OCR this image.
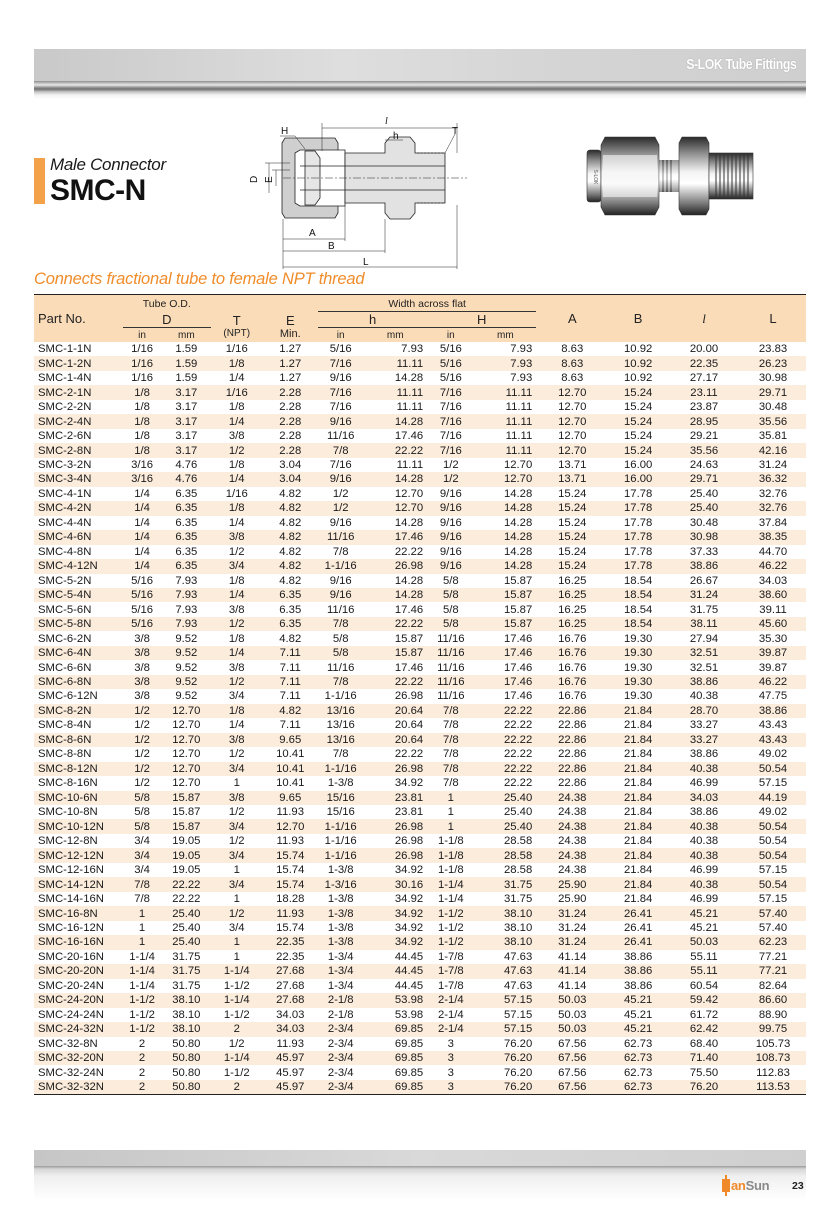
S-LOK Tube Fittings
Male Connector
SMC-N
H
l
h	T
D E
A
B
L
S-LOK
Connects fractional tube to female NPT thread
Part No.	Tube O.D.		T	E	Width across flat				A	B	l	L
	D				h		H					
	in	mm	(NPT)	Min.	in	mm	in	mm				
SMC-1-1N	1/16	1.59	1/16	1.27	5/16	7.93	5/16	7.93	8.63	10.92	20.00	23.83
SMC-1-2N	1/16	1.59	1/8	1.27	7/16	11.11	5/16	7.93	8.63	10.92	22.35	26.23
SMC-1-4N	1/16	1.59	1/4	1.27	9/16	14.28	5/16	7.93	8.63	10.92	27.17	30.98
SMC-2-1N	1/8	3.17	1/16	2.28	7/16	11.11	7/16	11.11	12.70	15.24	23.11	29.71
SMC-2-2N	1/8	3.17	1/8	2.28	7/16	11.11	7/16	11.11	12.70	15.24	23.87	30.48
SMC-2-4N	1/8	3.17	1/4	2.28	9/16	14.28	7/16	11.11	12.70	15.24	28.95	35.56
SMC-2-6N	1/8	3.17	3/8	2.28	11/16	17.46	7/16	11.11	12.70	15.24	29.21	35.81
SMC-2-8N	1/8	3.17	1/2	2.28	7/8	22.22	7/16	11.11	12.70	15.24	35.56	42.16
SMC-3-2N	3/16	4.76	1/8	3.04	7/16	11.11	1/2	12.70	13.71	16.00	24.63	31.24
SMC-3-4N	3/16	4.76	1/4	3.04	9/16	14.28	1/2	12.70	13.71	16.00	29.71	36.32
SMC-4-1N	1/4	6.35	1/16	4.82	1/2	12.70	9/16	14.28	15.24	17.78	25.40	32.76
SMC-4-2N	1/4	6.35	1/8	4.82	1/2	12.70	9/16	14.28	15.24	17.78	25.40	32.76
SMC-4-4N	1/4	6.35	1/4	4.82	9/16	14.28	9/16	14.28	15.24	17.78	30.48	37.84
SMC-4-6N	1/4	6.35	3/8	4.82	11/16	17.46	9/16	14.28	15.24	17.78	30.98	38.35
SMC-4-8N	1/4	6.35	1/2	4.82	7/8	22.22	9/16	14.28	15.24	17.78	37.33	44.70
SMC-4-12N	1/4	6.35	3/4	4.82	1-1/16	26.98	9/16	14.28	15.24	17.78	38.86	46.22
SMC-5-2N	5/16	7.93	1/8	4.82	9/16	14.28	5/8	15.87	16.25	18.54	26.67	34.03
SMC-5-4N	5/16	7.93	1/4	6.35	9/16	14.28	5/8	15.87	16.25	18.54	31.24	38.60
SMC-5-6N	5/16	7.93	3/8	6.35	11/16	17.46	5/8	15.87	16.25	18.54	31.75	39.11
SMC-5-8N	5/16	7.93	1/2	6.35	7/8	22.22	5/8	15.87	16.25	18.54	38.11	45.60
SMC-6-2N	3/8	9.52	1/8	4.82	5/8	15.87	11/16	17.46	16.76	19.30	27.94	35.30
SMC-6-4N	3/8	9.52	1/4	7.11	5/8	15.87	11/16	17.46	16.76	19.30	32.51	39.87
SMC-6-6N	3/8	9.52	3/8	7.11	11/16	17.46	11/16	17.46	16.76	19.30	32.51	39.87
SMC-6-8N	3/8	9.52	1/2	7.11	7/8	22.22	11/16	17.46	16.76	19.30	38.86	46.22
SMC-6-12N	3/8	9.52	3/4	7.11	1-1/16	26.98	11/16	17.46	16.76	19.30	40.38	47.75
SMC-8-2N	1/2	12.70	1/8	4.82	13/16	20.64	7/8	22.22	22.86	21.84	28.70	38.86
SMC-8-4N	1/2	12.70	1/4	7.11	13/16	20.64	7/8	22.22	22.86	21.84	33.27	43.43
SMC-8-6N	1/2	12.70	3/8	9.65	13/16	20.64	7/8	22.22	22.86	21.84	33.27	43.43
SMC-8-8N	1/2	12.70	1/2	10.41	7/8	22.22	7/8	22.22	22.86	21.84	38.86	49.02
SMC-8-12N	1/2	12.70	3/4	10.41	1-1/16	26.98	7/8	22.22	22.86	21.84	40.38	50.54
SMC-8-16N	1/2	12.70	1	10.41	1-3/8	34.92	7/8	22.22	22.86	21.84	46.99	57.15
SMC-10-6N	5/8	15.87	3/8	9.65	15/16	23.81	1	25.40	24.38	21.84	34.03	44.19
SMC-10-8N	5/8	15.87	1/2	11.93	15/16	23.81	1	25.40	24.38	21.84	38.86	49.02
SMC-10-12N	5/8	15.87	3/4	12.70	1-1/16	26.98	1	25.40	24.38	21.84	40.38	50.54
SMC-12-8N	3/4	19.05	1/2	11.93	1-1/16	26.98	1-1/8	28.58	24.38	21.84	40.38	50.54
SMC-12-12N	3/4	19.05	3/4	15.74	1-1/16	26.98	1-1/8	28.58	24.38	21.84	40.38	50.54
SMC-12-16N	3/4	19.05	1	15.74	1-3/8	34.92	1-1/8	28.58	24.38	21.84	46.99	57.15
SMC-14-12N	7/8	22.22	3/4	15.74	1-3/16	30.16	1-1/4	31.75	25.90	21.84	40.38	50.54
SMC-14-16N	7/8	22.22	1	18.28	1-3/8	34.92	1-1/4	31.75	25.90	21.84	46.99	57.15
SMC-16-8N	1	25.40	1/2	11.93	1-3/8	34.92	1-1/2	38.10	31.24	26.41	45.21	57.40
SMC-16-12N	1	25.40	3/4	15.74	1-3/8	34.92	1-1/2	38.10	31.24	26.41	45.21	57.40
SMC-16-16N	1	25.40	1	22.35	1-3/8	34.92	1-1/2	38.10	31.24	26.41	50.03	62.23
SMC-20-16N	1-1/4	31.75	1	22.35	1-3/4	44.45	1-7/8	47.63	41.14	38.86	55.11	77.21
SMC-20-20N	1-1/4	31.75	1-1/4	27.68	1-3/4	44.45	1-7/8	47.63	41.14	38.86	55.11	77.21
SMC-20-24N	1-1/4	31.75	1-1/2	27.68	1-3/4	44.45	1-7/8	47.63	41.14	38.86	60.54	82.64
SMC-24-20N	1-1/2	38.10	1-1/4	27.68	2-1/8	53.98	2-1/4	57.15	50.03	45.21	59.42	86.60
SMC-24-24N	1-1/2	38.10	1-1/2	34.03	2-1/8	53.98	2-1/4	57.15	50.03	45.21	61.72	88.90
SMC-24-32N	1-1/2	38.10	2	34.03	2-3/4	69.85	2-1/4	57.15	50.03	45.21	62.42	99.75
SMC-32-8N	2	50.80	1/2	11.93	2-3/4	69.85	3	76.20	67.56	62.73	68.40	105.73
SMC-32-20N	2	50.80	1-1/4	45.97	2-3/4	69.85	3	76.20	67.56	62.73	71.40	108.73
SMC-32-24N	2	50.80	1-1/2	45.97	2-3/4	69.85	3	76.20	67.56	62.73	75.50	112.83
SMC-32-32N	2	50.80	2	45.97	2-3/4	69.85	3	76.20	67.56	62.73	76.20	113.53
anSun 23
